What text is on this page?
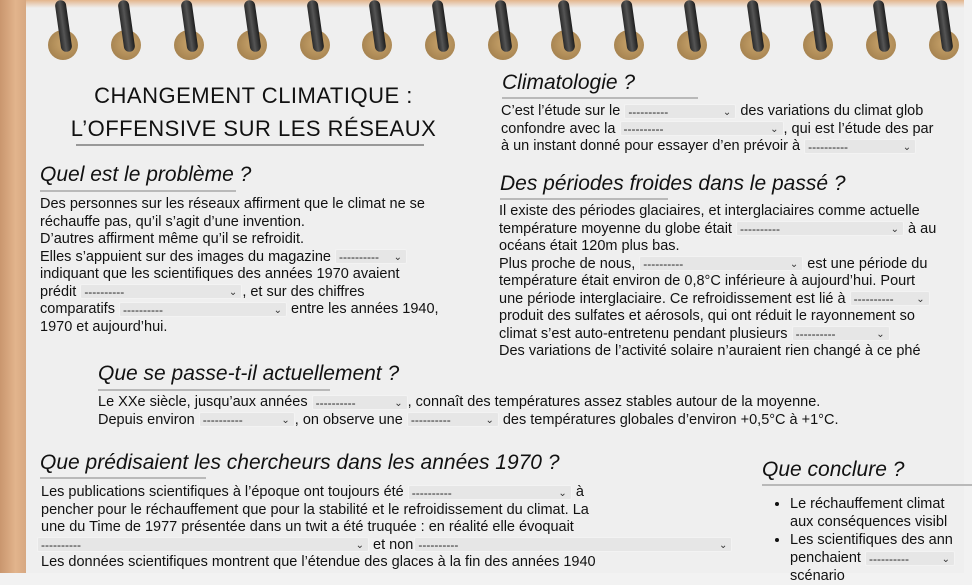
CHANGEMENT CLIMATIQUE :
L’OFFENSIVE SUR LES RÉSEAUX
Quel est le problème ?
Des personnes sur les réseaux affirment que le climat ne se
réchauffe pas, qu’il s’agit d’une invention.
D’autres affirment même qu’il se refroidit.
Elles s’appuient sur des images du magazine ---------- ⌄
indiquant que les scientifiques des années 1970 avaient
prédit ----------	⌄ , et sur des chiffres
comparatifs ----------	⌄ entre les années 1940,
1970 et aujourd’hui.
Climatologie ?
C’est l’étude sur le ----------	⌄ des variations du climat glob
confondre avec la ----------	⌄ , qui est l’étude des par
à un instant donné pour essayer d’en prévoir à ----------	⌄
Des périodes froides dans le passé ?
Il existe des périodes glaciaires, et interglaciaires comme actuelle
température moyenne du globe était ----------	⌄ à au
océans était 120m plus bas.
Plus proche de nous, ----------	⌄ est une période du
température était environ de 0,8°C inférieure à aujourd’hui. Pourt
une période interglaciaire. Ce refroidissement est lié à ---------- ⌄
produit des sulfates et aérosols, qui ont réduit le rayonnement so
climat s’est auto-entretenu pendant plusieurs ----------	⌄
Des variations de l’activité solaire n’auraient rien changé à ce phé
Que se passe-t-il actuellement ?
Le XXe siècle, jusqu’aux années ----------	⌄ , connaît des températures assez stables autour de la moyenne.
Depuis environ ----------	⌄ , on observe une ----------	⌄ des températures globales d’environ +0,5°C à +1°C.
Que prédisaient les chercheurs dans les années 1970 ?
Les publications scientifiques à l’époque ont toujours été ----------	⌄ à
pencher pour le réchauffement que pour la stabilité et le refroidissement du climat. La
une du Time de 1977 présentée dans un twit a été truquée : en réalité elle évoquait
----------	⌄ et non ----------	⌄
Les données scientifiques montrent que l’étendue des glaces à la fin des années 1940
Que conclure ?
• Le réchauffement climat
aux conséquences visibl
• Les scientifiques des ann
penchaient ----------	⌄

scénario
